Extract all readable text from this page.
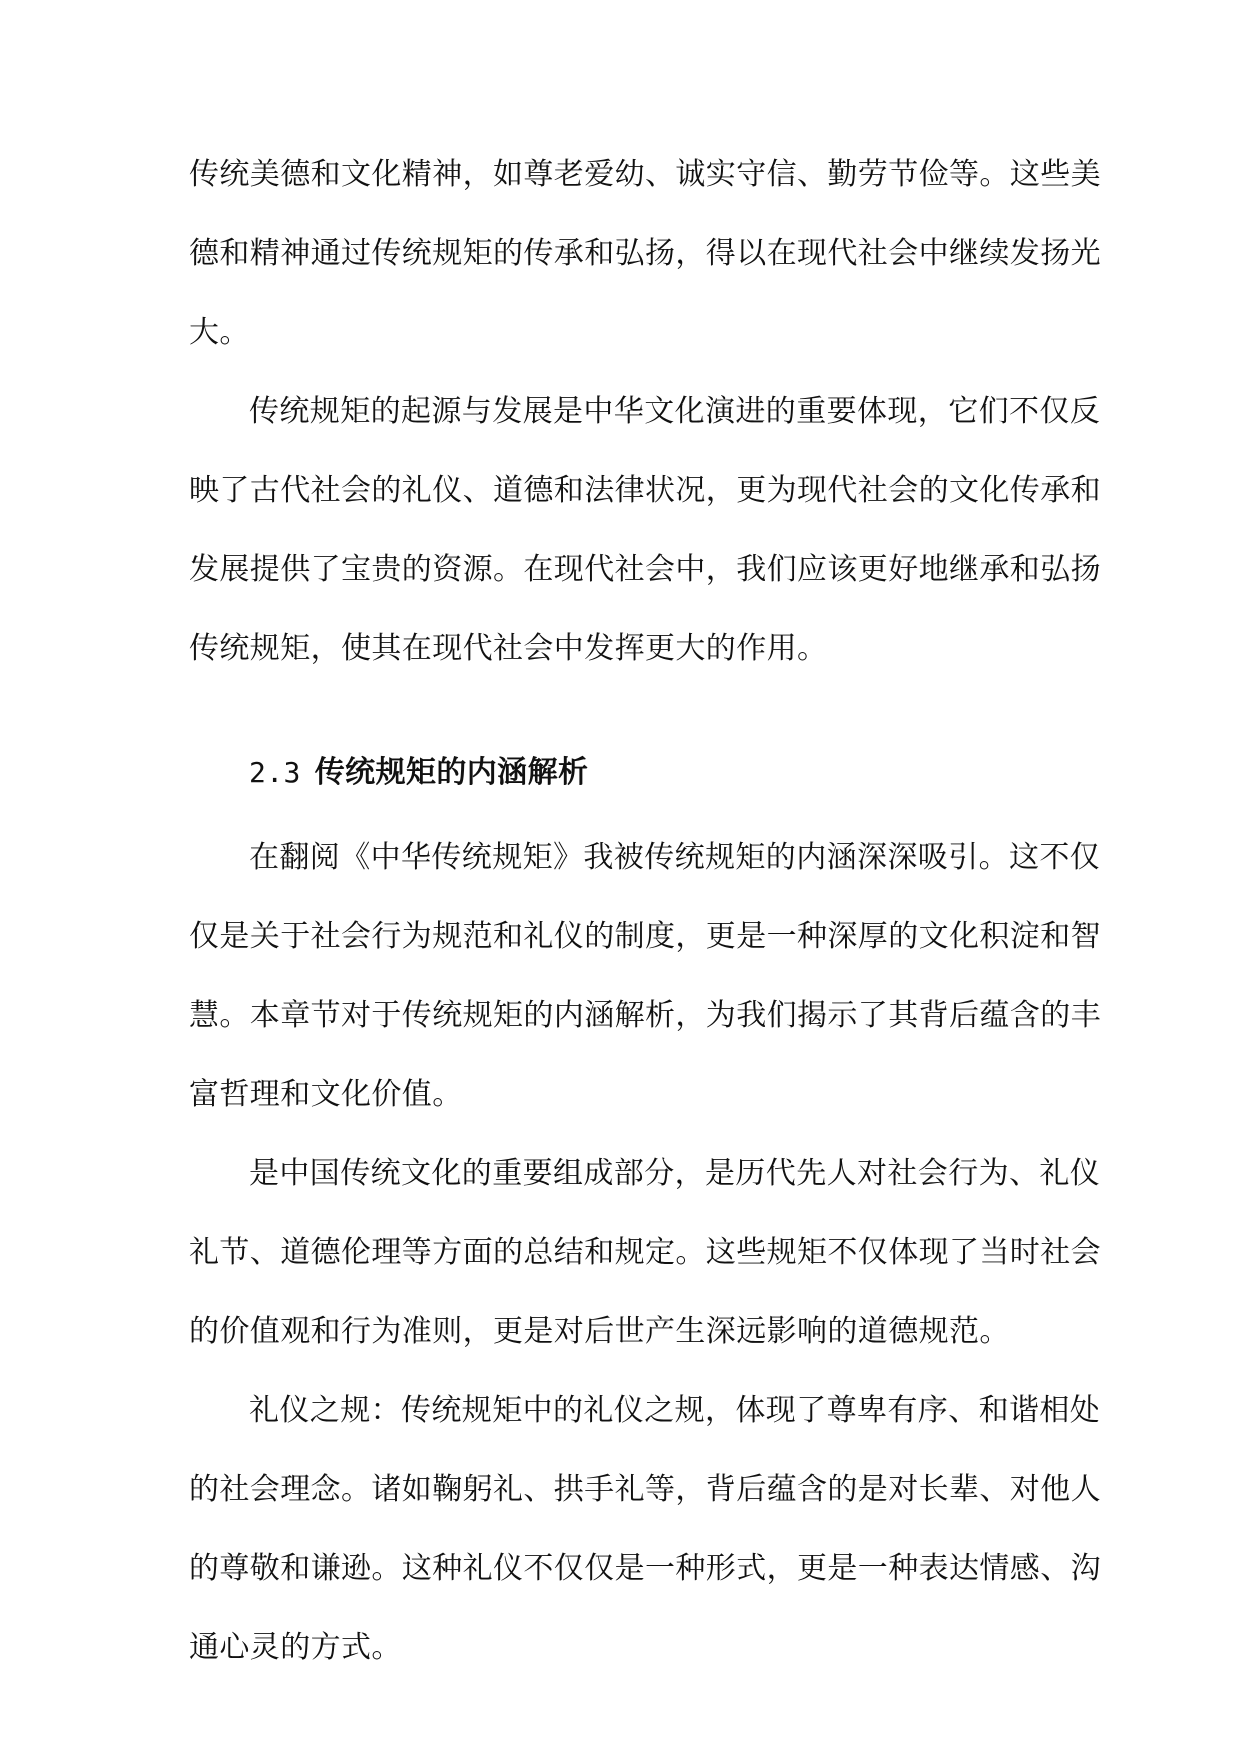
传统美德和文化精神，如尊老爱幼、诚实守信、勤劳节俭等。这些美
德和精神通过传统规矩的传承和弘扬，得以在现代社会中继续发扬光
大。
传统规矩的起源与发展是中华文化演进的重要体现，它们不仅反
映了古代社会的礼仪、道德和法律状况，更为现代社会的文化传承和
发展提供了宝贵的资源。在现代社会中，我们应该更好地继承和弘扬
传统规矩，使其在现代社会中发挥更大的作用。
2.3 传统规矩的内涵解析
在翻阅《中华传统规矩》我被传统规矩的内涵深深吸引。这不仅
仅是关于社会行为规范和礼仪的制度，更是一种深厚的文化积淀和智
慧。本章节对于传统规矩的内涵解析，为我们揭示了其背后蕴含的丰
富哲理和文化价值。
是中国传统文化的重要组成部分，是历代先人对社会行为、礼仪
礼节、道德伦理等方面的总结和规定。这些规矩不仅体现了当时社会
的价值观和行为准则，更是对后世产生深远影响的道德规范。
礼仪之规：传统规矩中的礼仪之规，体现了尊卑有序、和谐相处
的社会理念。诸如鞠躬礼、拱手礼等，背后蕴含的是对长辈、对他人
的尊敬和谦逊。这种礼仪不仅仅是一种形式，更是一种表达情感、沟
通心灵的方式。
